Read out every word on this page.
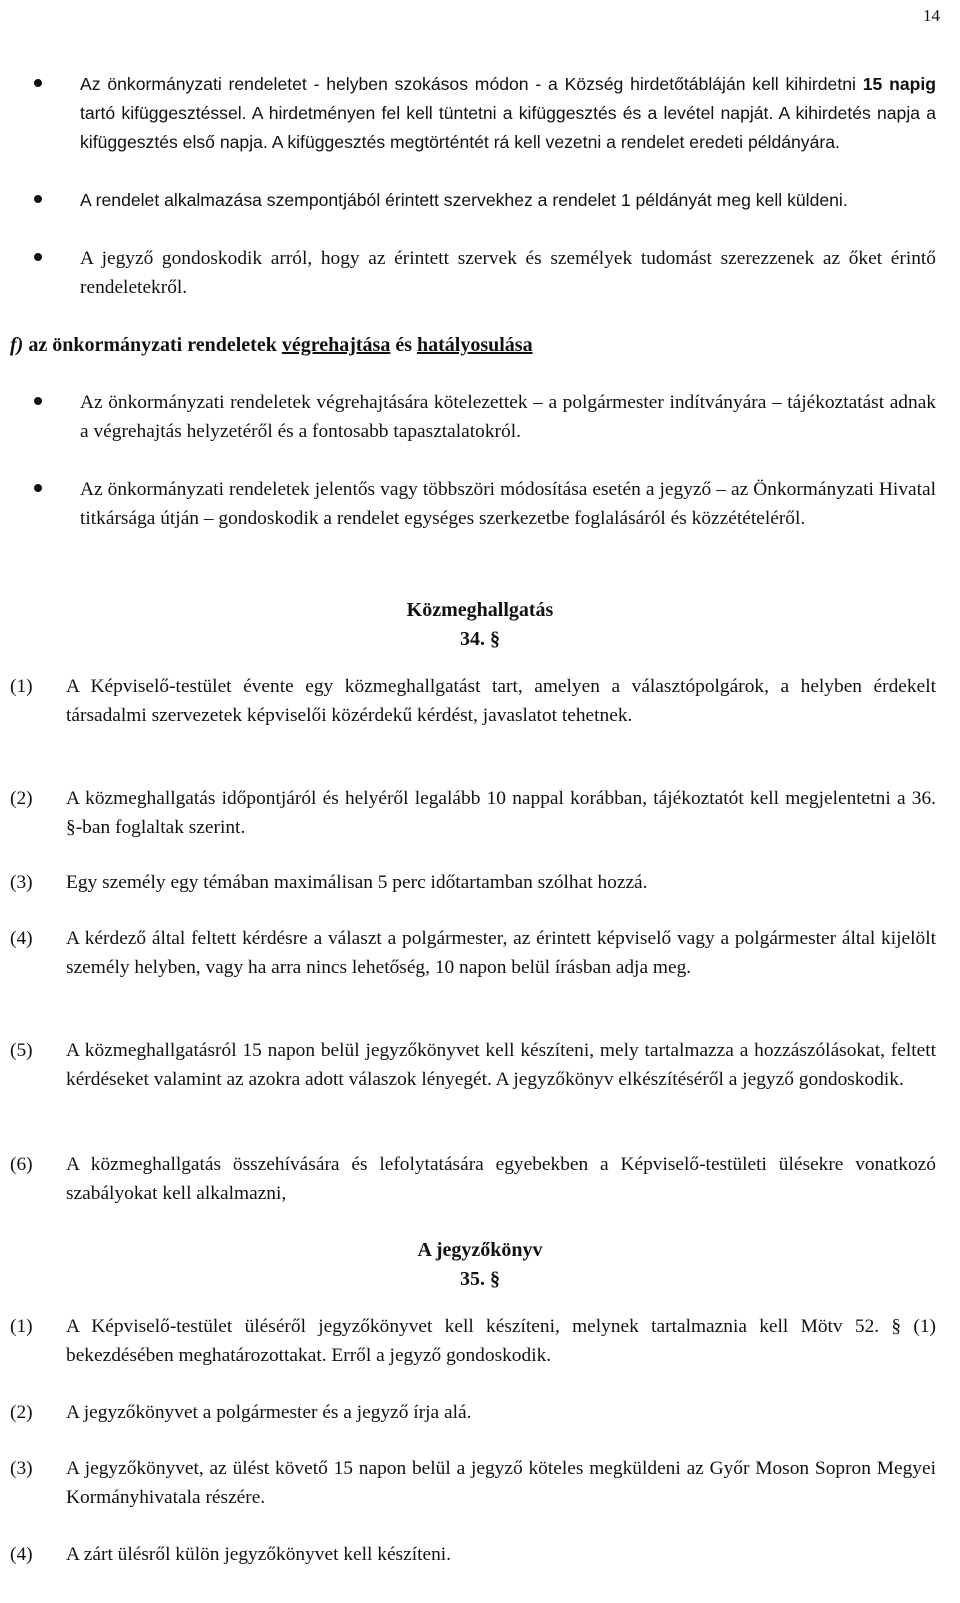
14

Az önkormányzati rendeletet - helyben szokásos módon - a Község hirdetőtábláján kell kihirdetni 15 napig tartó kifüggesztéssel. A hirdetményen fel kell tüntetni a kifüggesztés és a levétel napját. A kihirdetés napja a kifüggesztés első napja. A kifüggesztés megtörténtét rá kell vezetni a rendelet eredeti példányára.

A rendelet alkalmazása szempontjából érintett szervekhez a rendelet 1 példányát meg kell küldeni.

A jegyző gondoskodik arról, hogy az érintett szervek és személyek tudomást szerezzenek az őket érintő rendeletekről.

f) az önkormányzati rendeletek végrehajtása és hatályosulása

Az önkormányzati rendeletek végrehajtására kötelezettek – a polgármester indítványára – tájékoztatást adnak a végrehajtás helyzetéről és a fontosabb tapasztalatokról.

Az önkormányzati rendeletek jelentős vagy többszöri módosítása esetén a jegyző – az Önkormányzati Hivatal titkársága útján – gondoskodik a rendelet egységes szerkezetbe foglalásáról és közzétételéről.

Közmeghallgatás
34. §
(1) A Képviselő-testület évente egy közmeghallgatást tart, amelyen a választópolgárok, a helyben érdekelt társadalmi szervezetek képviselői közérdekű kérdést, javaslatot tehetnek.

(2) A közmeghallgatás időpontjáról és helyéről legalább 10 nappal korábban, tájékoztatót kell megjelentetni a 36. §-ban foglaltak szerint.

(3) Egy személy egy témában maximálisan 5 perc időtartamban szólhat hozzá.

(4) A kérdező által feltett kérdésre a választ a polgármester, az érintett képviselő vagy a polgármester által kijelölt személy helyben, vagy ha arra nincs lehetőség, 10 napon belül írásban adja meg.

(5) A közmeghallgatásról 15 napon belül jegyzőkönyvet kell készíteni, mely tartalmazza a hozzászólásokat, feltett kérdéseket valamint az azokra adott válaszok lényegét. A jegyzőkönyv elkészítéséről a jegyző gondoskodik.

(6) A közmeghallgatás összehívására és lefolytatására egyebekben a Képviselő-testületi ülésekre vonatkozó szabályokat kell alkalmazni,

A jegyzőkönyv
35. §
(1) A Képviselő-testület üléséről jegyzőkönyvet kell készíteni, melynek tartalmaznia kell Mötv 52. § (1) bekezdésében meghatározottakat. Erről a jegyző gondoskodik.

(2) A jegyzőkönyvet a polgármester és a jegyző írja alá.

(3) A jegyzőkönyvet, az ülést követő 15 napon belül a jegyző köteles megküldeni az Győr Moson Sopron Megyei Kormányhivatala részére.

(4) A zárt ülésről külön jegyzőkönyvet kell készíteni.
